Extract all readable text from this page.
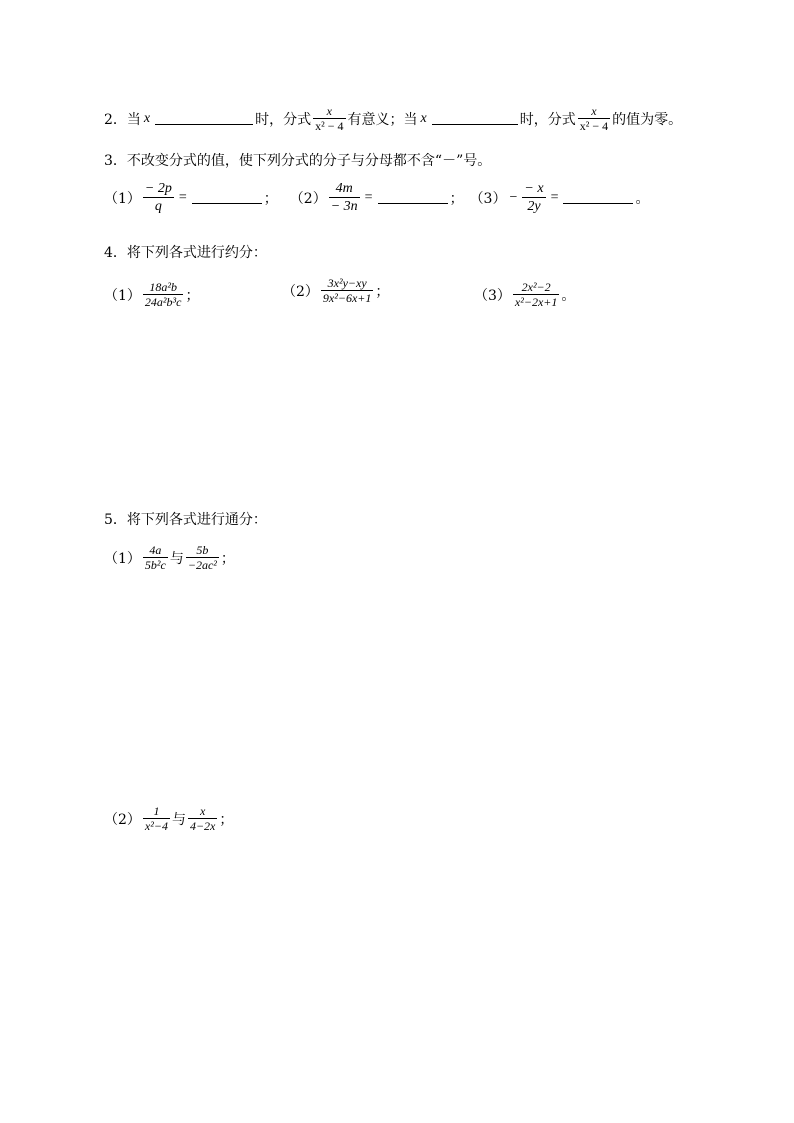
2．当 x	时，分式 $\frac{x}{\text{x² − 4}}$ 有意义；当 x	时，分式 $\frac{x}{\text{x² − 4}}$ 的值为零。
3．不改变分式的值，使下列分式的分子与分母都不含“－”号。
$(1) \frac{- 2p}{q}$ =	； $(2) \frac{4m}{- 3n}$ =	； $(3) - \frac{- x}{2y}$ =	。
4．将下列各式进行约分：
$(1) \frac{\text{18a²b}}{\text{24a²b³c}}$ ；	$(2) \frac{\text{3x²y−xy}}{\text{9x²−6x+1}}$ ；	$(3) \frac{\text{2x²−2}}{\text{x²−2x+1}}$ 。
5．将下列各式进行通分：
$(1) \frac{4a}{\text{5b²c}}$ 与 $\frac{5b}{\text{−2ac²}}$ ；
$(2) \frac{1}{\text{x²−4}}$ 与 $\frac{x}{4-2x}$ ；
